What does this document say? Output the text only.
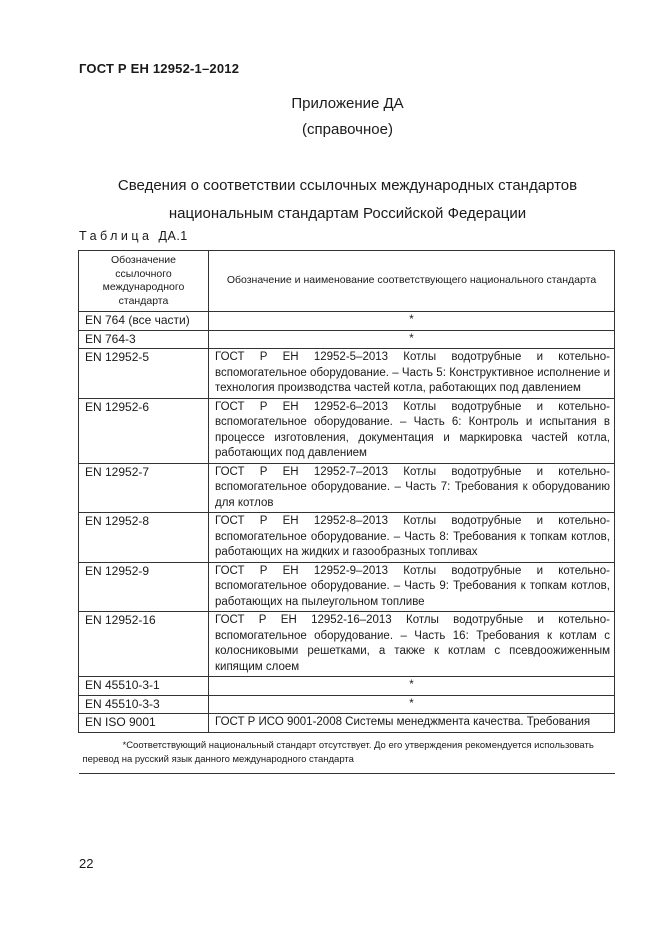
ГОСТ Р ЕН 12952-1–2012
Приложение ДА
(справочное)
Сведения о соответствии ссылочных международных стандартов
национальным стандартам Российской Федерации
Таблица ДА.1
Обозначение ссылочного международного стандарта	Обозначение и наименование соответствующего национального стандарта
EN 764 (все части)	*
EN 764-3	*
EN 12952-5	ГОСТ Р ЕН 12952-5–2013 Котлы водотрубные и котельно-вспомогательное оборудование. – Часть 5: Конструктивное исполнение и технология производства частей котла, работающих под давлением
EN 12952-6	ГОСТ Р ЕН 12952-6–2013 Котлы водотрубные и котельно-вспомогательное оборудование. – Часть 6: Контроль и испытания в процессе изготовления, документация и маркировка частей котла, работающих под давлением
EN 12952-7	ГОСТ Р ЕН 12952-7–2013 Котлы водотрубные и котельно-вспомогательное оборудование. – Часть 7: Требования к оборудованию для котлов
EN 12952-8	ГОСТ Р ЕН 12952-8–2013 Котлы водотрубные и котельно-вспомогательное оборудование. – Часть 8: Требования к топкам котлов, работающих на жидких и газообразных топливах
EN 12952-9	ГОСТ Р ЕН 12952-9–2013 Котлы водотрубные и котельно-вспомогательное оборудование. – Часть 9: Требования к топкам котлов, работающих на пылеугольном топливе
EN 12952-16	ГОСТ Р ЕН 12952-16–2013 Котлы водотрубные и котельно-вспомогательное оборудование. – Часть 16: Требования к котлам с колосниковыми решетками, а также к котлам с псевдоожиженным кипящим слоем
EN 45510-3-1	*
EN 45510-3-3	*
EN ISO 9001	ГОСТ Р ИСО 9001-2008 Системы менеджмента качества. Требования
*Соответствующий национальный стандарт отсутствует. До его утверждения рекомендуется использовать перевод на русский язык данного международного стандарта	
22
